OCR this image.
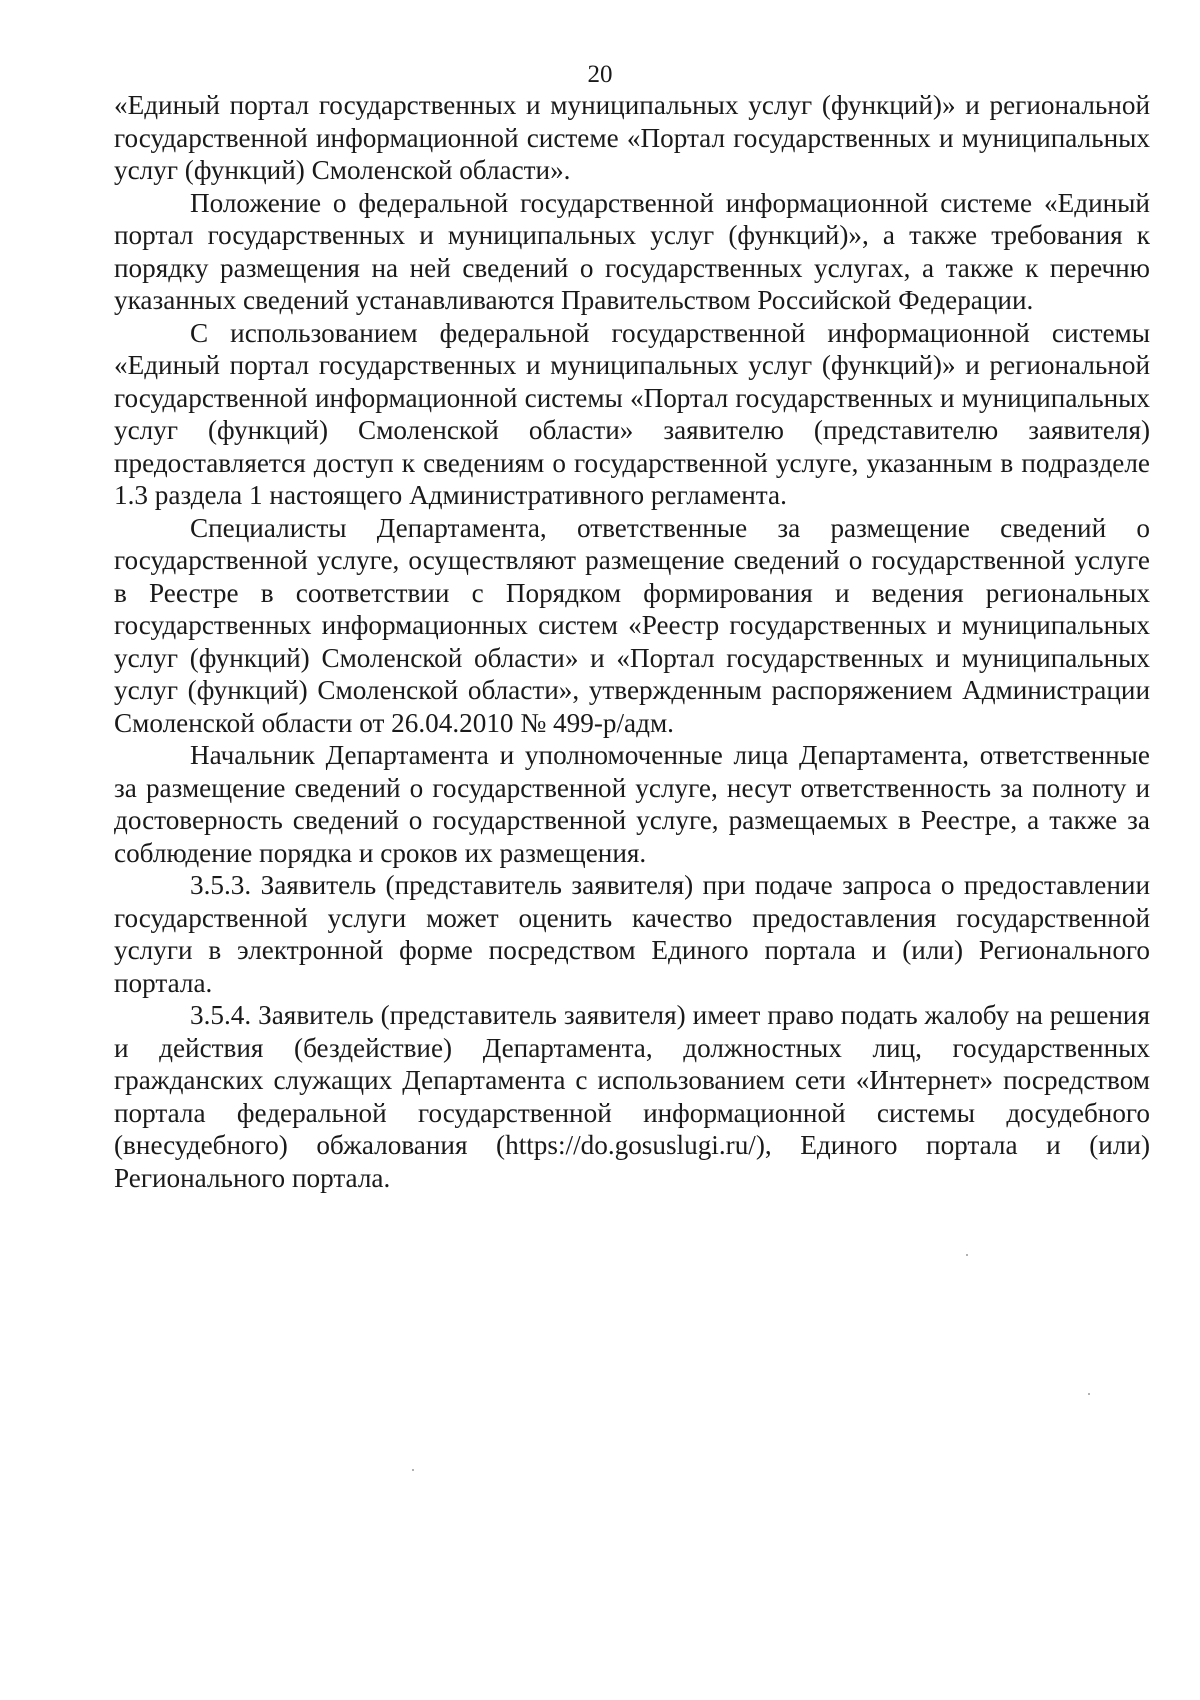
20

«Единый портал государственных и муниципальных услуг (функций)» и региональной государственной информационной системе «Портал государственных и муниципальных услуг (функций) Смоленской области».

Положение о федеральной государственной информационной системе «Единый портал государственных и муниципальных услуг (функций)», а также требования к порядку размещения на ней сведений о государственных услугах, а также к перечню указанных сведений устанавливаются Правительством Российской Федерации.

С использованием федеральной государственной информационной системы «Единый портал государственных и муниципальных услуг (функций)» и региональной государственной информационной системы «Портал государственных и муниципальных услуг (функций) Смоленской области» заявителю (представителю заявителя) предоставляется доступ к сведениям о государственной услуге, указанным в подразделе 1.3 раздела 1 настоящего Административного регламента.

Специалисты Департамента, ответственные за размещение сведений о государственной услуге, осуществляют размещение сведений о государственной услуге в Реестре в соответствии с Порядком формирования и ведения региональных государственных информационных систем «Реестр государственных и муниципальных услуг (функций) Смоленской области» и «Портал государственных и муниципальных услуг (функций) Смоленской области», утвержденным распоряжением Администрации Смоленской области от 26.04.2010 № 499-р/адм.

Начальник Департамента и уполномоченные лица Департамента, ответственные за размещение сведений о государственной услуге, несут ответственность за полноту и достоверность сведений о государственной услуге, размещаемых в Реестре, а также за соблюдение порядка и сроков их размещения.

3.5.3. Заявитель (представитель заявителя) при подаче запроса о предоставлении государственной услуги может оценить качество предоставления государственной услуги в электронной форме посредством Единого портала и (или) Регионального портала.

3.5.4. Заявитель (представитель заявителя) имеет право подать жалобу на решения и действия (бездействие) Департамента, должностных лиц, государственных гражданских служащих Департамента с использованием сети «Интернет» посредством портала федеральной государственной информационной системы досудебного (внесудебного) обжалования (https://do.gosuslugi.ru/), Единого портала и (или) Регионального портала.
